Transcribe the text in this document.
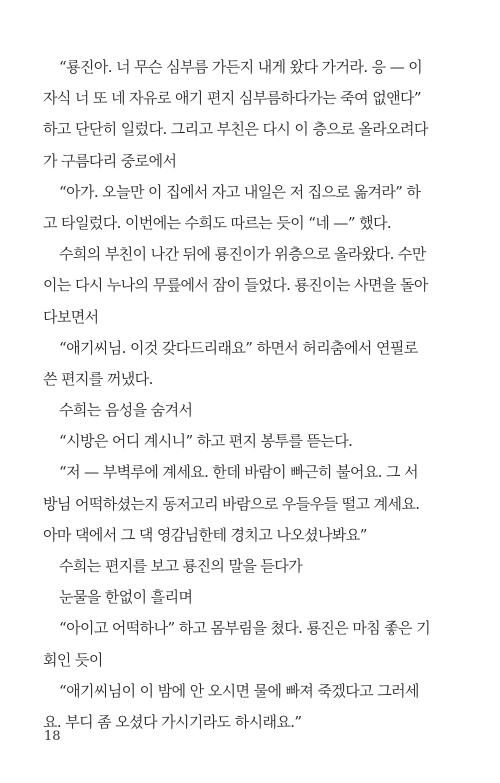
“룡진아. 너 무슨 심부름 가든지 내게 왔다 가거라. 응 — 이
자식 너 또 네 자유로 애기 편지 심부름하다가는 죽여 없앤다”
하고 단단히 일렀다. 그리고 부친은 다시 이 층으로 올라오려다
가 구름다리 중로에서
“아가. 오늘만 이 집에서 자고 내일은 저 집으로 옮겨라” 하
고 타일렀다. 이번에는 수희도 따르는 듯이 “네 —” 했다.
수희의 부친이 나간 뒤에 룡진이가 위층으로 올라왔다. 수만
이는 다시 누나의 무릎에서 잠이 들었다. 룡진이는 사면을 돌아
다보면서
“애기씨님. 이것 갖다드리래요” 하면서 허리춤에서 연필로
쓴 편지를 꺼냈다.
수희는 음성을 숨겨서
“시방은 어디 계시니” 하고 편지 봉투를 뜯는다.
“저 — 부벽루에 계세요. 한데 바람이 빠근히 불어요. 그 서
방님 어떡하셨는지 동저고리 바람으로 우들우들 떨고 계세요.
아마 댁에서 그 댁 영감님한테 경치고 나오셨나봐요”
수희는 편지를 보고 룡진의 말을 듣다가
눈물을 한없이 흘리며
“아이고 어떡하나” 하고 몸부림을 쳤다. 룡진은 마침 좋은 기
회인 듯이
“애기씨님이 이 밤에 안 오시면 물에 빠져 죽겠다고 그러세
요. 부디 좀 오셨다 가시기라도 하시래요.”
18
